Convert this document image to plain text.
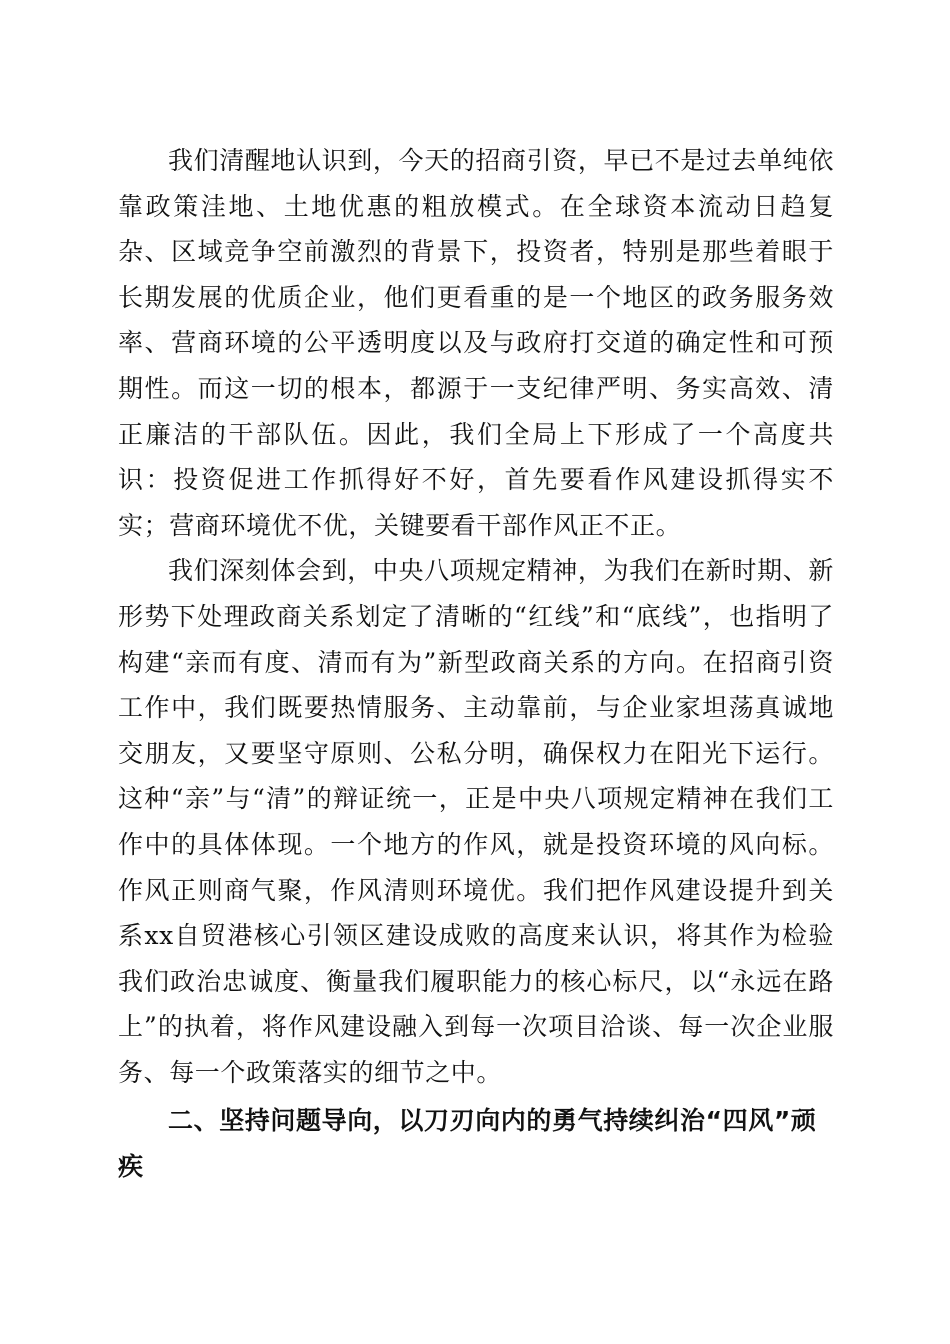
我们清醒地认识到，今天的招商引资，早已不是过去单纯依靠政策洼地、土地优惠的粗放模式。在全球资本流动日趋复杂、区域竞争空前激烈的背景下，投资者，特别是那些着眼于长期发展的优质企业，他们更看重的是一个地区的政务服务效率、营商环境的公平透明度以及与政府打交道的确定性和可预期性。而这一切的根本，都源于一支纪律严明、务实高效、清正廉洁的干部队伍。因此，我们全局上下形成了一个高度共识：投资促进工作抓得好不好，首先要看作风建设抓得实不实；营商环境优不优，关键要看干部作风正不正。

我们深刻体会到，中央八项规定精神，为我们在新时期、新形势下处理政商关系划定了清晰的“红线”和“底线”，也指明了构建“亲而有度、清而有为”新型政商关系的方向。在招商引资工作中，我们既要热情服务、主动靠前，与企业家坦荡真诚地交朋友，又要坚守原则、公私分明，确保权力在阳光下运行。这种“亲”与“清”的辩证统一，正是中央八项规定精神在我们工作中的具体体现。一个地方的作风，就是投资环境的风向标。作风正则商气聚，作风清则环境优。我们把作风建设提升到关系xx自贸港核心引领区建设成败的高度来认识，将其作为检验我们政治忠诚度、衡量我们履职能力的核心标尺，以“永远在路上”的执着，将作风建设融入到每一次项目洽谈、每一次企业服务、每一个政策落实的细节之中。

二、坚持问题导向，以刀刃向内的勇气持续纠治“四风”顽疾
